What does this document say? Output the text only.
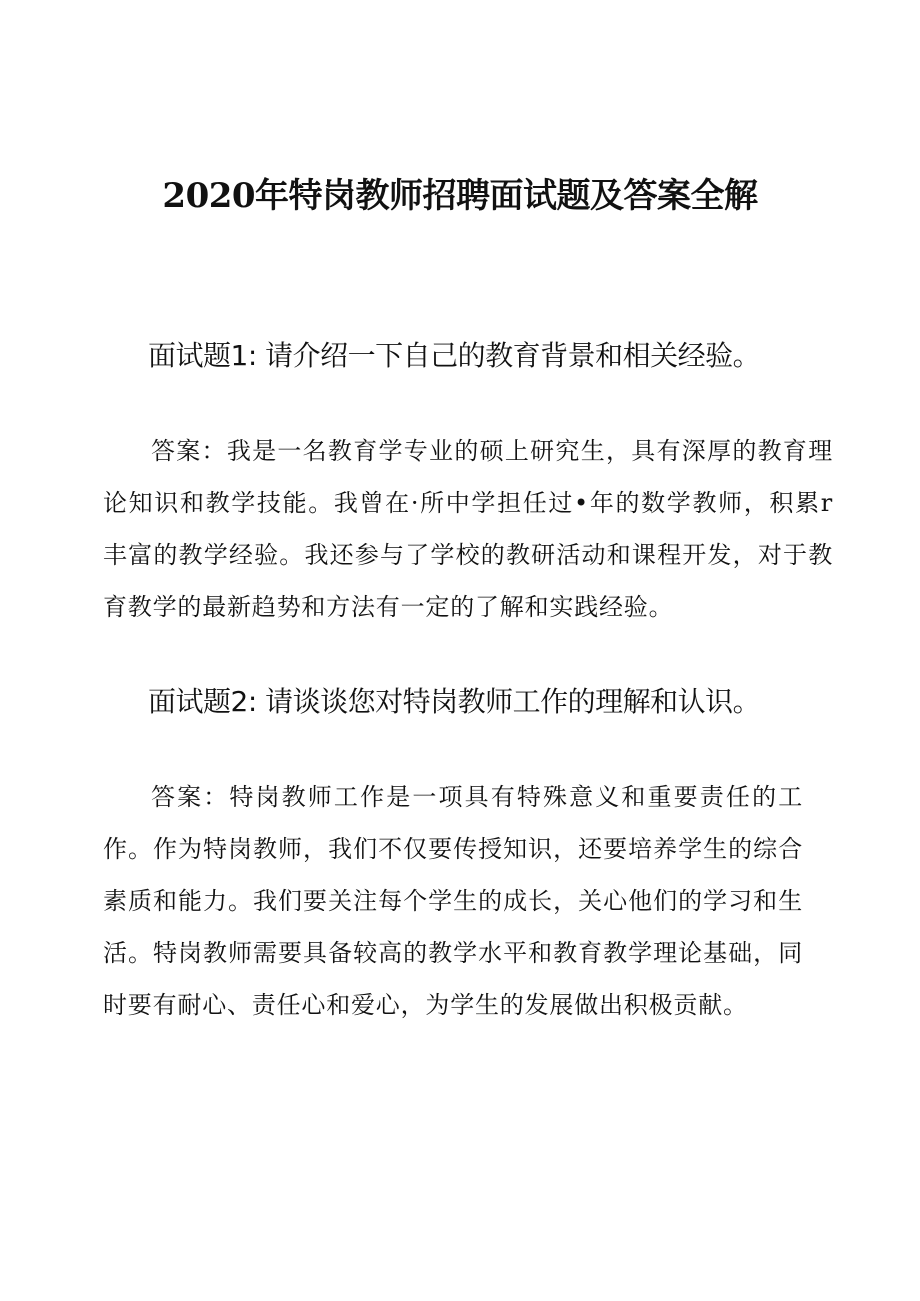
2020年特岗教师招聘面试题及答案全解
面试题1: 请介绍一下自己的教育背景和相关经验。

答案：我是一名教育学专业的硕上研究生，具有深厚的教育理论知识和教学技能。我曾在·所中学担任过•年的数学教师，积累r丰富的教学经验。我还参与了学校的教研活动和课程开发，对于教育教学的最新趋势和方法有一定的了解和实践经验。

面试题2: 请谈谈您对特岗教师工作的理解和认识。

答案：特岗教师工作是一项具有特殊意义和重要责任的工作。作为特岗教师，我们不仅要传授知识，还要培养学生的综合素质和能力。我们要关注每个学生的成长，关心他们的学习和生活。特岗教师需要具备较高的教学水平和教育教学理论基础，同时要有耐心、责任心和爱心，为学生的发展做出积极贡献。
